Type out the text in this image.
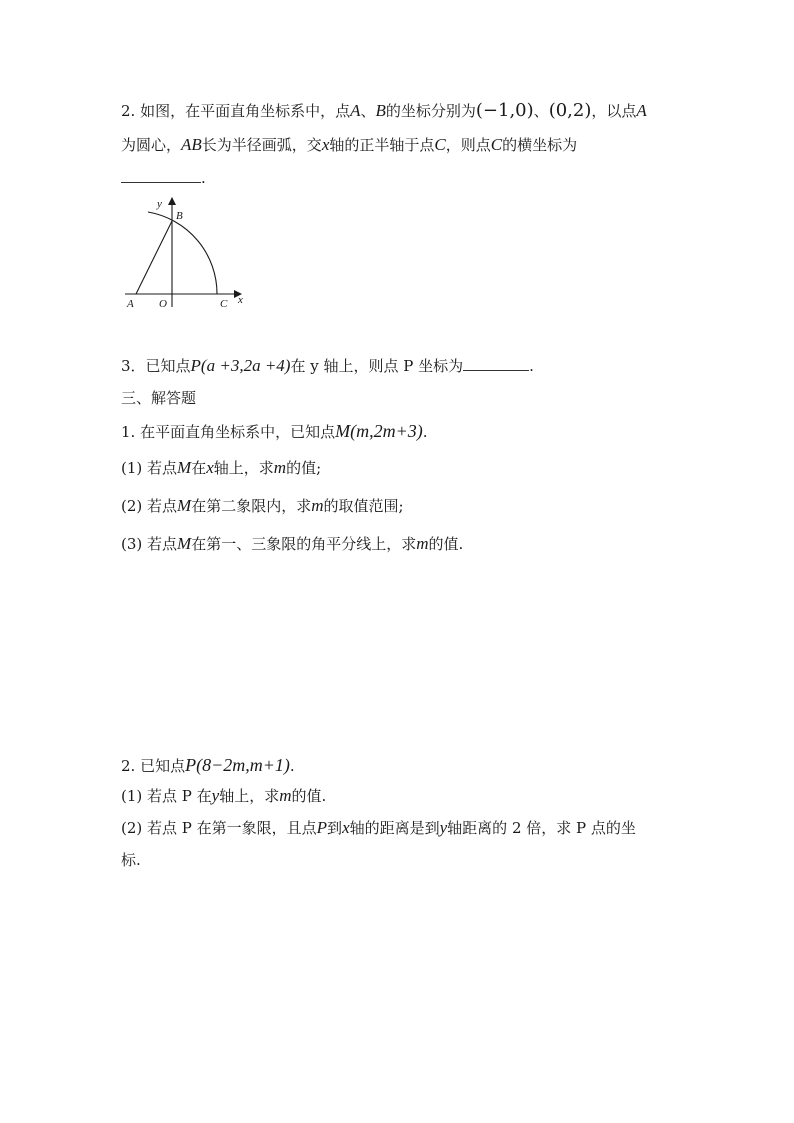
2. 如图，在平面直角坐标系中，点A、B的坐标分别为(−1,0)、(0,2)，以点A
为圆心，AB长为半径画弧，交x轴的正半轴于点C，则点C的横坐标为
.
y
B
A O	C x
3．已知点P(a +3,2a +4)在 y 轴上，则点 P 坐标为	.
三、解答题
1. 在平面直角坐标系中，已知点M(m,2m+3).
(1) 若点M在x轴上，求m的值;
(2) 若点M在第二象限内，求m的取值范围;
(3) 若点M在第一、三象限的角平分线上，求m的值.
2. 已知点P(8−2m,m+1).
(1) 若点 P 在y轴上，求m的值.
(2) 若点 P 在第一象限，且点P到x轴的距离是到y轴距离的 2 倍，求 P 点的坐
标.
